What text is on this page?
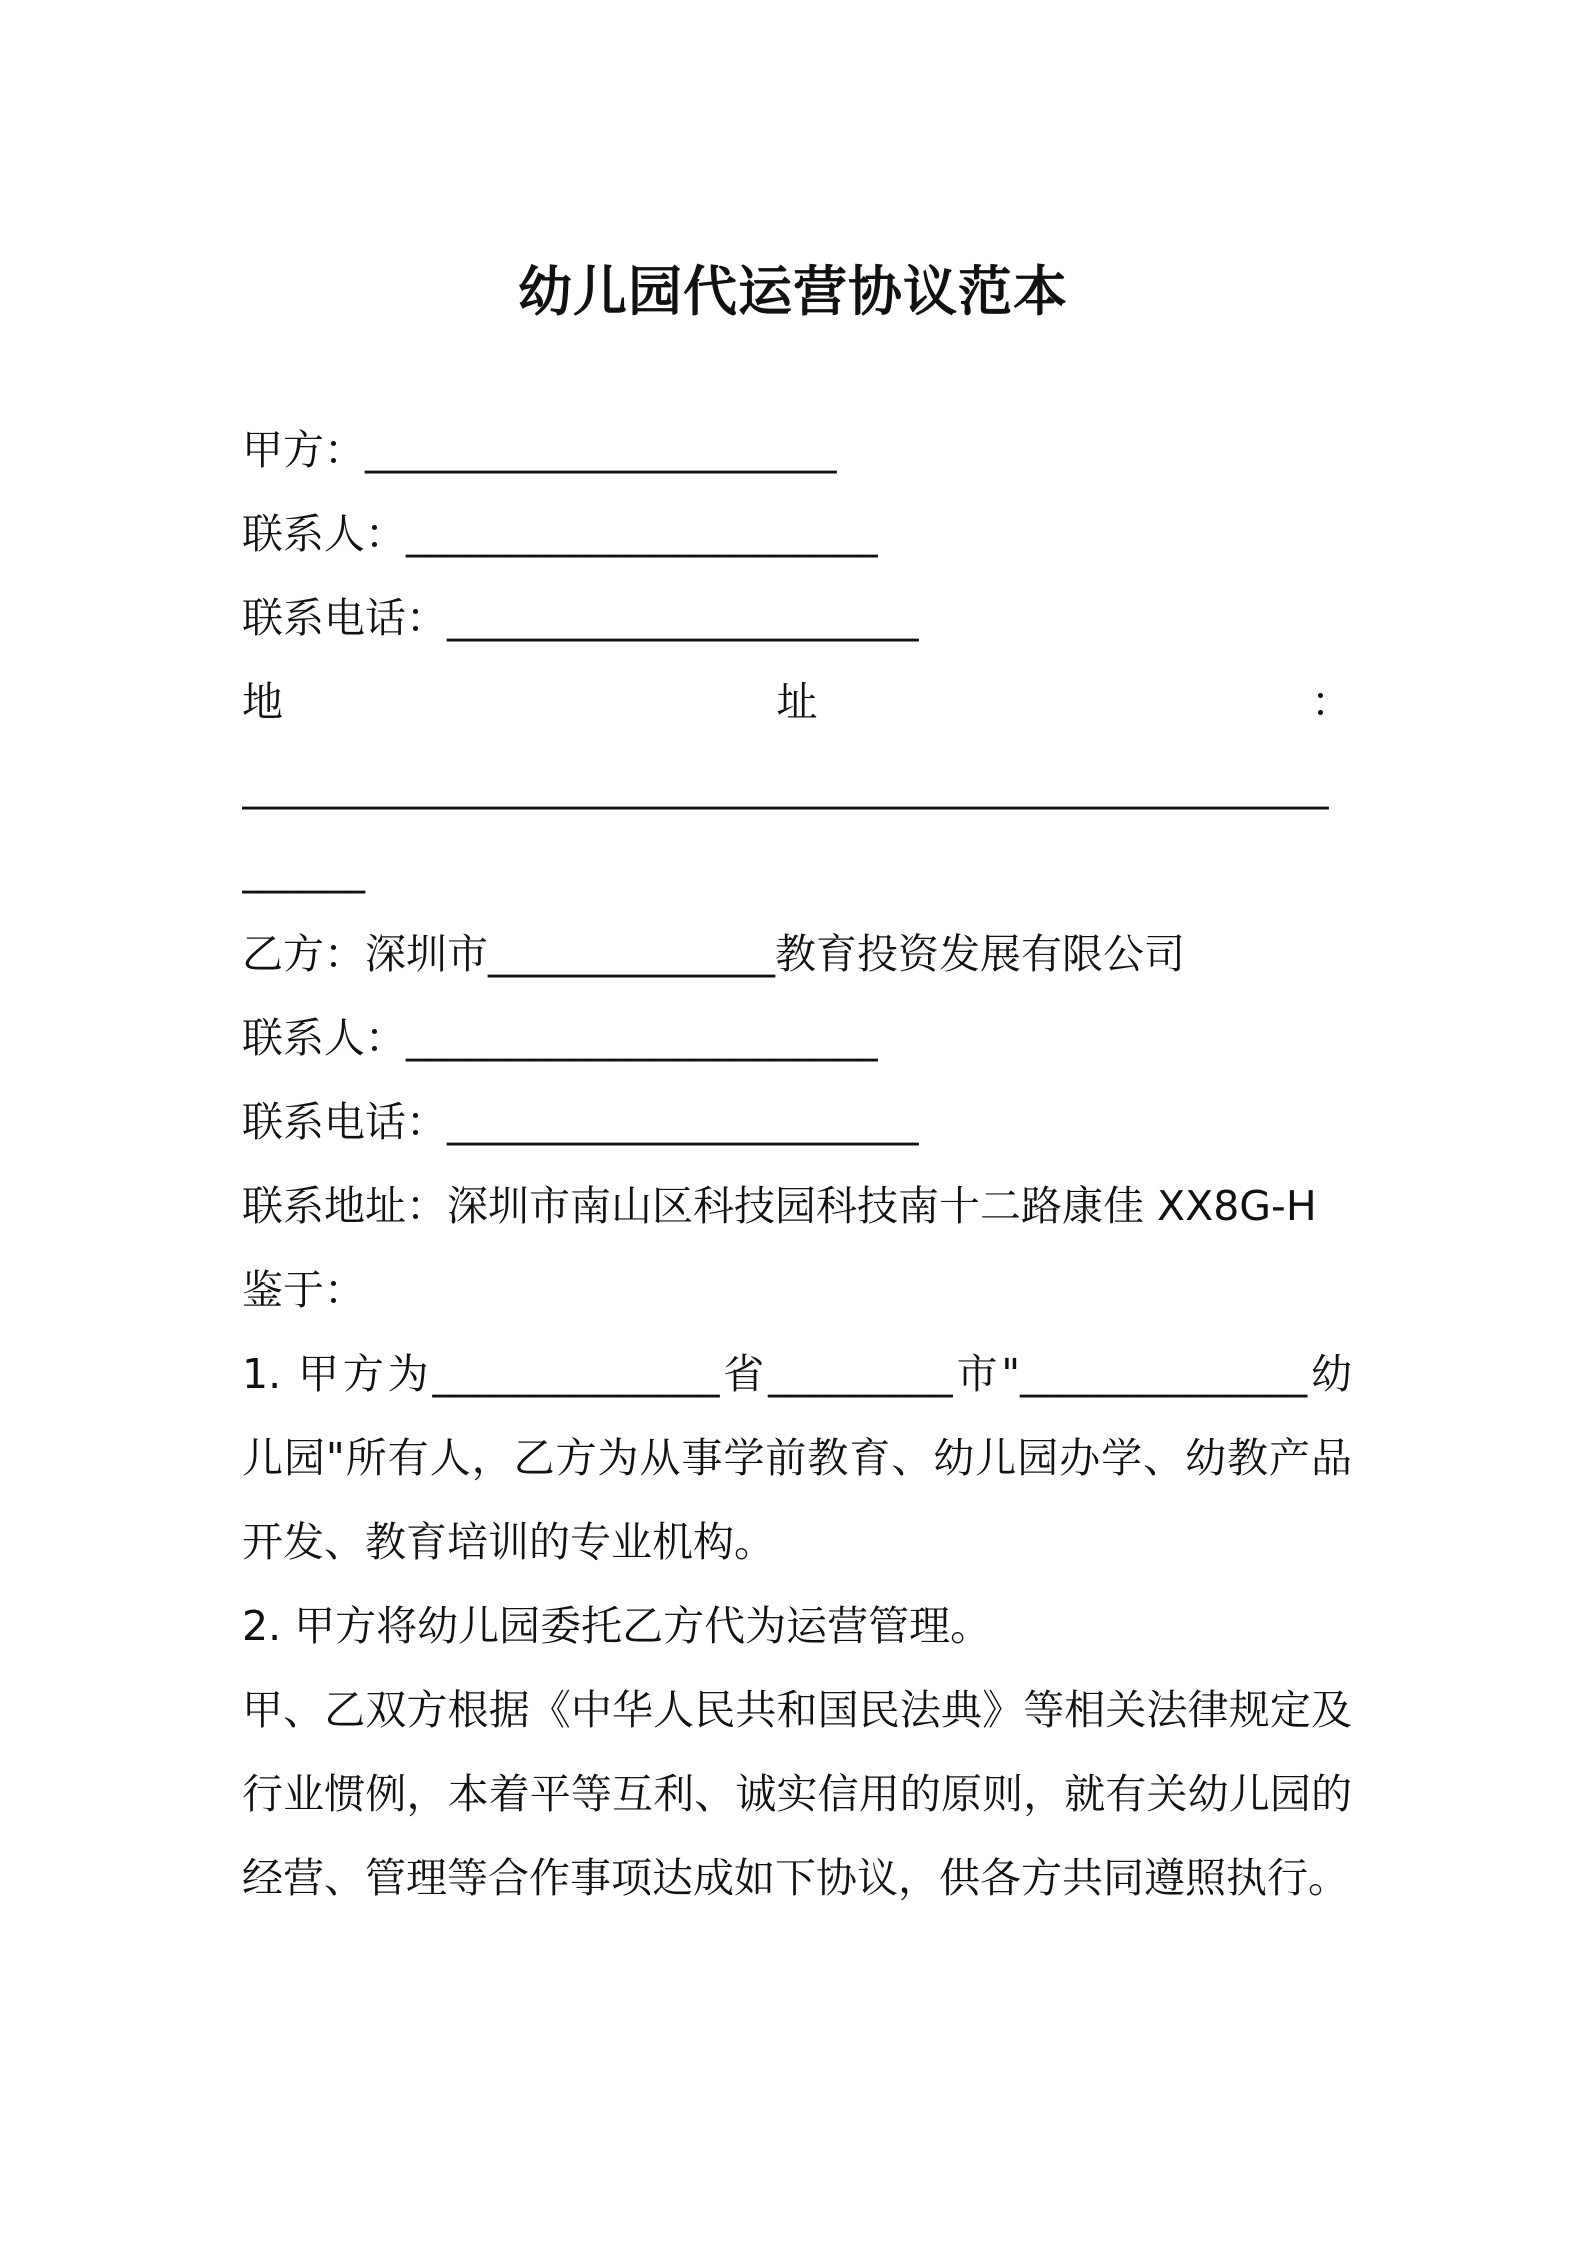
幼儿园代运营协议范本
甲方：_______________________
联系人：_______________________
联系电话：_______________________
地	址	：
_____________________________________________________
______
乙方：深圳市______________教育投资发展有限公司
联系人：_______________________
联系电话：_______________________
联系地址：深圳市南山区科技园科技南十二路康佳 XX8G-H
鉴于：
1. 甲方为______________省_________市"______________幼儿园"所有人，乙方为从事学前教育、幼儿园办学、幼教产品开发、教育培训的专业机构。
2. 甲方将幼儿园委托乙方代为运营管理。
甲、乙双方根据《中华人民共和国民法典》等相关法律规定及行业惯例，本着平等互利、诚实信用的原则，就有关幼儿园的经营、管理等合作事项达成如下协议，供各方共同遵照执行。
